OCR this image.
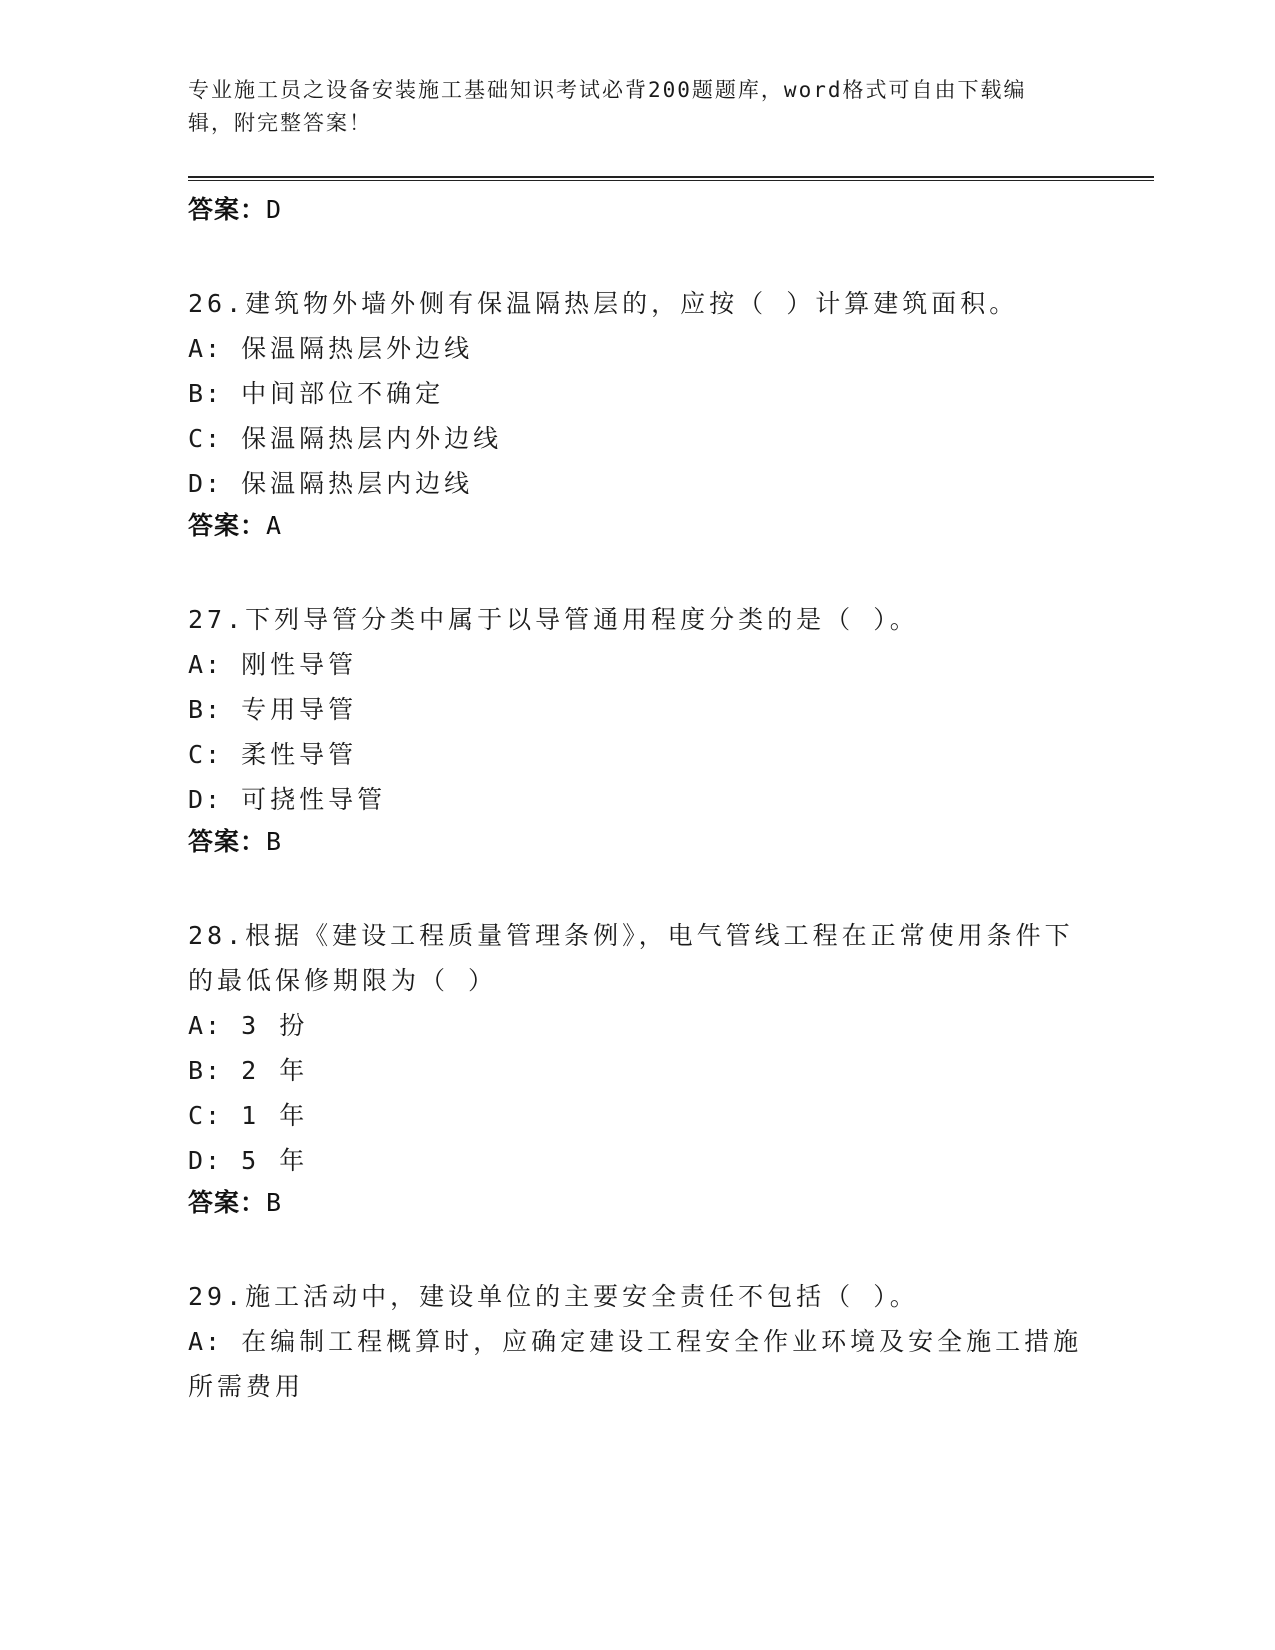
专业施工员之设备安装施工基础知识考试必背200题题库，word格式可自由下载编辑，附完整答案！
答案：D
26.建筑物外墙外侧有保温隔热层的，应按（ ）计算建筑面积。
A: 保温隔热层外边线
B: 中间部位不确定
C: 保温隔热层内外边线
D: 保温隔热层内边线
答案：A
27.下列导管分类中属于以导管通用程度分类的是（ ）。
A: 刚性导管
B: 专用导管
C: 柔性导管
D: 可挠性导管
答案：B
28.根据《建设工程质量管理条例》，电气管线工程在正常使用条件下的最低保修期限为（ ）
A: 3 扮
B: 2 年
C: 1 年
D: 5 年
答案：B
29.施工活动中，建设单位的主要安全责任不包括（ ）。
A: 在编制工程概算时，应确定建设工程安全作业环境及安全施工措施所需费用
